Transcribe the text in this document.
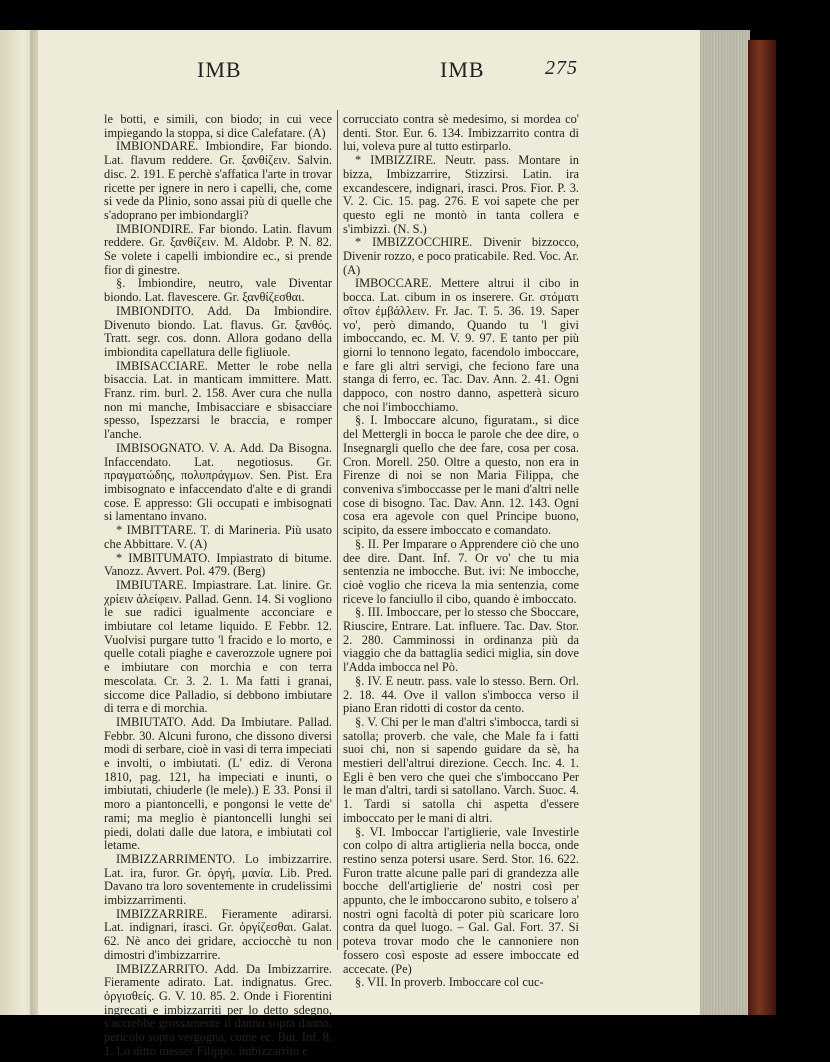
IMB	IMB	275

le botti, e simili, con biodo; in cui vece impiegando la stoppa, si dice Calefatare. (A)

IMBIONDARE. Imbiondire, Far biondo. Lat. flavum reddere. Gr. ξανθίζειν. Salvin. disc. 2. 191. E perchè s'affatica l'arte in trovar ricette per ignere in nero i capelli, che, come si vede da Plinio, sono assai più di quelle che s'adoprano per imbiondargli?

IMBIONDIRE. Far biondo. Latin. flavum reddere. Gr. ξανθίζειν. M. Aldobr. P. N. 82. Se volete i capelli imbiondire ec., si prende fior di ginestre.

§. Imbiondire, neutro, vale Diventar biondo. Lat. flavescere. Gr. ξανθίζεσθαι.

IMBIONDITO. Add. Da Imbiondire. Divenuto biondo. Lat. flavus. Gr. ξανθός. Tratt. segr. cos. donn. Allora godano della imbiondita capellatura delle figliuole.

IMBISACCIARE. Metter le robe nella bisaccia. Lat. in manticam immittere. Matt. Franz. rim. burl. 2. 158. Aver cura che nulla non mi manche, Imbisacciare e sbisacciare spesso, Ispezzarsi le braccia, e romper l'anche.

IMBISOGNATO. V. A. Add. Da Bisogna. Infaccendato. Lat. negotiosus. Gr. πραγματώδης, πολυπράγμων. Sen. Pist. Era imbisognato e infaccendato d'alte e di grandi cose. E appresso: Gli occupati e imbisognati si lamentano invano.

* IMBITTARE. T. di Marineria. Più usato che Abbittare. V. (A)

* IMBITUMATO. Impiastrato di bitume. Vanozz. Avvert. Pol. 479. (Berg)

IMBIUTARE. Impiastrare. Lat. linire. Gr. χρίειν ἀλείφειν. Pallad. Genn. 14. Si vogliono le sue radici igualmente acconciare e imbiutare col letame liquido. E Febbr. 12. Vuolvisi purgare tutto 'l fracido e lo morto, e quelle cotali piaghe e caverozzole ugnere poi e imbiutare con morchia e con terra mescolata. Cr. 3. 2. 1. Ma fatti i granai, siccome dice Palladio, si debbono imbiutare di terra e di morchia.

IMBIUTATO. Add. Da Imbiutare. Pallad. Febbr. 30. Alcuni furono, che dissono diversi modi di serbare, cioè in vasi di terra impeciati e involti, o imbiutati. (L' ediz. di Verona 1810, pag. 121, ha impeciati e inunti, o imbiutati, chiuderle (le mele).) E 33. Ponsi il moro a piantoncelli, e pongonsi le vette de' rami; ma meglio è piantoncelli lunghi sei piedi, dolati dalle due latora, e imbiutati col letame.

IMBIZZARRIMENTO. Lo imbizzarrire. Lat. ira, furor. Gr. ὀργή, μανία. Lib. Pred. Davano tra loro soventemente in crudelissimi imbizzarrimenti.

IMBIZZARRIRE. Fieramente adirarsi. Lat. indignari, irasci. Gr. ὀργίζεσθαι. Galat. 62. Nè anco dei gridare, acciocchè tu non dimostri d'imbizzarrire.

IMBIZZARRITO. Add. Da Imbizzarrire. Fieramente adirato. Lat. indignatus. Grec. ὀργισθείς. G. V. 10. 85. 2. Onde i Fiorentini ingrecati e imbizzarriti per lo detto sdegno, s'accrebbe grossamente il danno sopra danno, pericolo sopra vergogna, come ec. But. Inf. 8. 1. Lo ditto messer Filippo, imbizzarrito e

corrucciato contra sè medesimo, si mordea co' denti. Stor. Eur. 6. 134. Imbizzarrito contra di lui, voleva pure al tutto estirparlo.

* IMBIZZIRE. Neutr. pass. Montare in bizza, Imbizzarrire, Stizzirsi. Latin. ira excandescere, indignari, irasci. Pros. Fior. P. 3. V. 2. Cic. 15. pag. 276. E voi sapete che per questo egli ne montò in tanta collera e s'imbizzì. (N. S.)

* IMBIZZOCCHIRE. Divenir bizzocco, Divenir rozzo, e poco praticabile. Red. Voc. Ar. (A)

IMBOCCARE. Mettere altrui il cibo in bocca. Lat. cibum in os inserere. Gr. στόματι σῖτον ἐμβάλλειν. Fr. Jac. T. 5. 36. 19. Saper vo', però dimando, Quando tu 'l givi imboccando, ec. M. V. 9. 97. E tanto per più giorni lo tennono legato, facendolo imboccare, e fare gli altri servigi, che feciono fare una stanga di ferro, ec. Tac. Dav. Ann. 2. 41. Ogni dappoco, con nostro danno, aspetterà sicuro che noi l'imbocchiamo.

§. I. Imboccare alcuno, figuratam., si dice del Mettergli in bocca le parole che dee dire, o Insegnargli quello che dee fare, cosa per cosa. Cron. Morell. 250. Oltre a questo, non era in Firenze di noi se non Maria Filippa, che conveniva s'imboccasse per le mani d'altri nelle cose di bisogno. Tac. Dav. Ann. 12. 143. Ogni cosa era agevole con quel Principe buono, scipito, da essere imboccato e comandato.

§. II. Per Imparare o Apprendere ciò che uno dee dire. Dant. Inf. 7. Or vo' che tu mia sentenzia ne imbocche. But. ivi: Ne imbocche, cioè voglio che riceva la mia sentenzia, come riceve lo fanciullo il cibo, quando è imboccato.

§. III. Imboccare, per lo stesso che Sboccare, Riuscire, Entrare. Lat. influere. Tac. Dav. Stor. 2. 280. Camminossi in ordinanza più da viaggio che da battaglia sedici miglia, sin dove l'Adda imbocca nel Pò.

§. IV. E neutr. pass. vale lo stesso. Bern. Orl. 2. 18. 44. Ove il vallon s'imbocca verso il piano Eran ridotti di costor da cento.

§. V. Chi per le man d'altri s'imbocca, tardi si satolla; proverb. che vale, che Male fa i fatti suoi chi, non si sapendo guidare da sè, ha mestieri dell'altrui direzione. Cecch. Inc. 4. 1. Egli è ben vero che quei che s'imboccano Per le man d'altri, tardi si satollano. Varch. Suoc. 4. 1. Tardi si satolla chi aspetta d'essere imboccato per le mani di altri.

§. VI. Imboccar l'artiglierie, vale Investirle con colpo di altra artiglieria nella bocca, onde restino senza potersi usare. Serd. Stor. 16. 622. Furon tratte alcune palle pari di grandezza alle bocche dell'artiglierie de' nostri così per appunto, che le imboccarono subito, e tolsero a' nostri ogni facoltà di poter più scaricare loro contra da quel luogo. – Gal. Gal. Fort. 37. Si poteva trovar modo che le cannoniere non fossero così esposte ad essere imboccate ed accecate. (Pe)

§. VII. In proverb. Imboccare col cuc-
